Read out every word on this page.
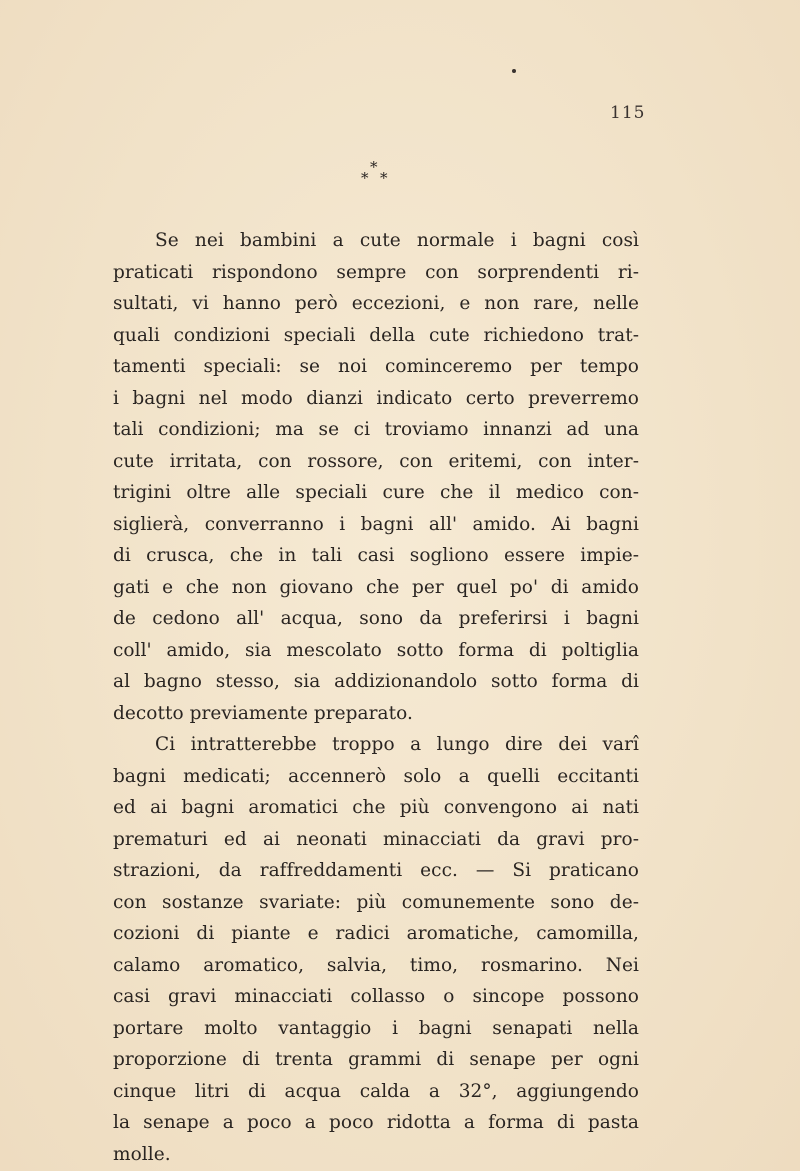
115
*
* *
Se nei bambini a cute normale i bagni così
praticati rispondono sempre con sorprendenti ri-
sultati, vi hanno però eccezioni, e non rare, nelle
quali condizioni speciali della cute richiedono trat-
tamenti speciali: se noi cominceremo per tempo
i bagni nel modo dianzi indicato certo preverremo
tali condizioni; ma se ci troviamo innanzi ad una
cute irritata, con rossore, con eritemi, con inter-
trigini oltre alle speciali cure che il medico con-
siglierà, converranno i bagni all' amido. Ai bagni
di crusca, che in tali casi sogliono essere impie-
gati e che non giovano che per quel po' di amido
de cedono all' acqua, sono da preferirsi i bagni
coll' amido, sia mescolato sotto forma di poltiglia
al bagno stesso, sia addizionandolo sotto forma di
decotto previamente preparato.
Ci intratterebbe troppo a lungo dire dei varî
bagni medicati; accennerò solo a quelli eccitanti
ed ai bagni aromatici che più convengono ai nati
prematuri ed ai neonati minacciati da gravi pro-
strazioni, da raffreddamenti ecc. — Si praticano
con sostanze svariate: più comunemente sono de-
cozioni di piante e radici aromatiche, camomilla,
calamo aromatico, salvia, timo, rosmarino. Nei
casi gravi minacciati collasso o sincope possono
portare molto vantaggio i bagni senapati nella
proporzione di trenta grammi di senape per ogni
cinque litri di acqua calda a 32°, aggiungendo
la senape a poco a poco ridotta a forma di pasta
molle.
